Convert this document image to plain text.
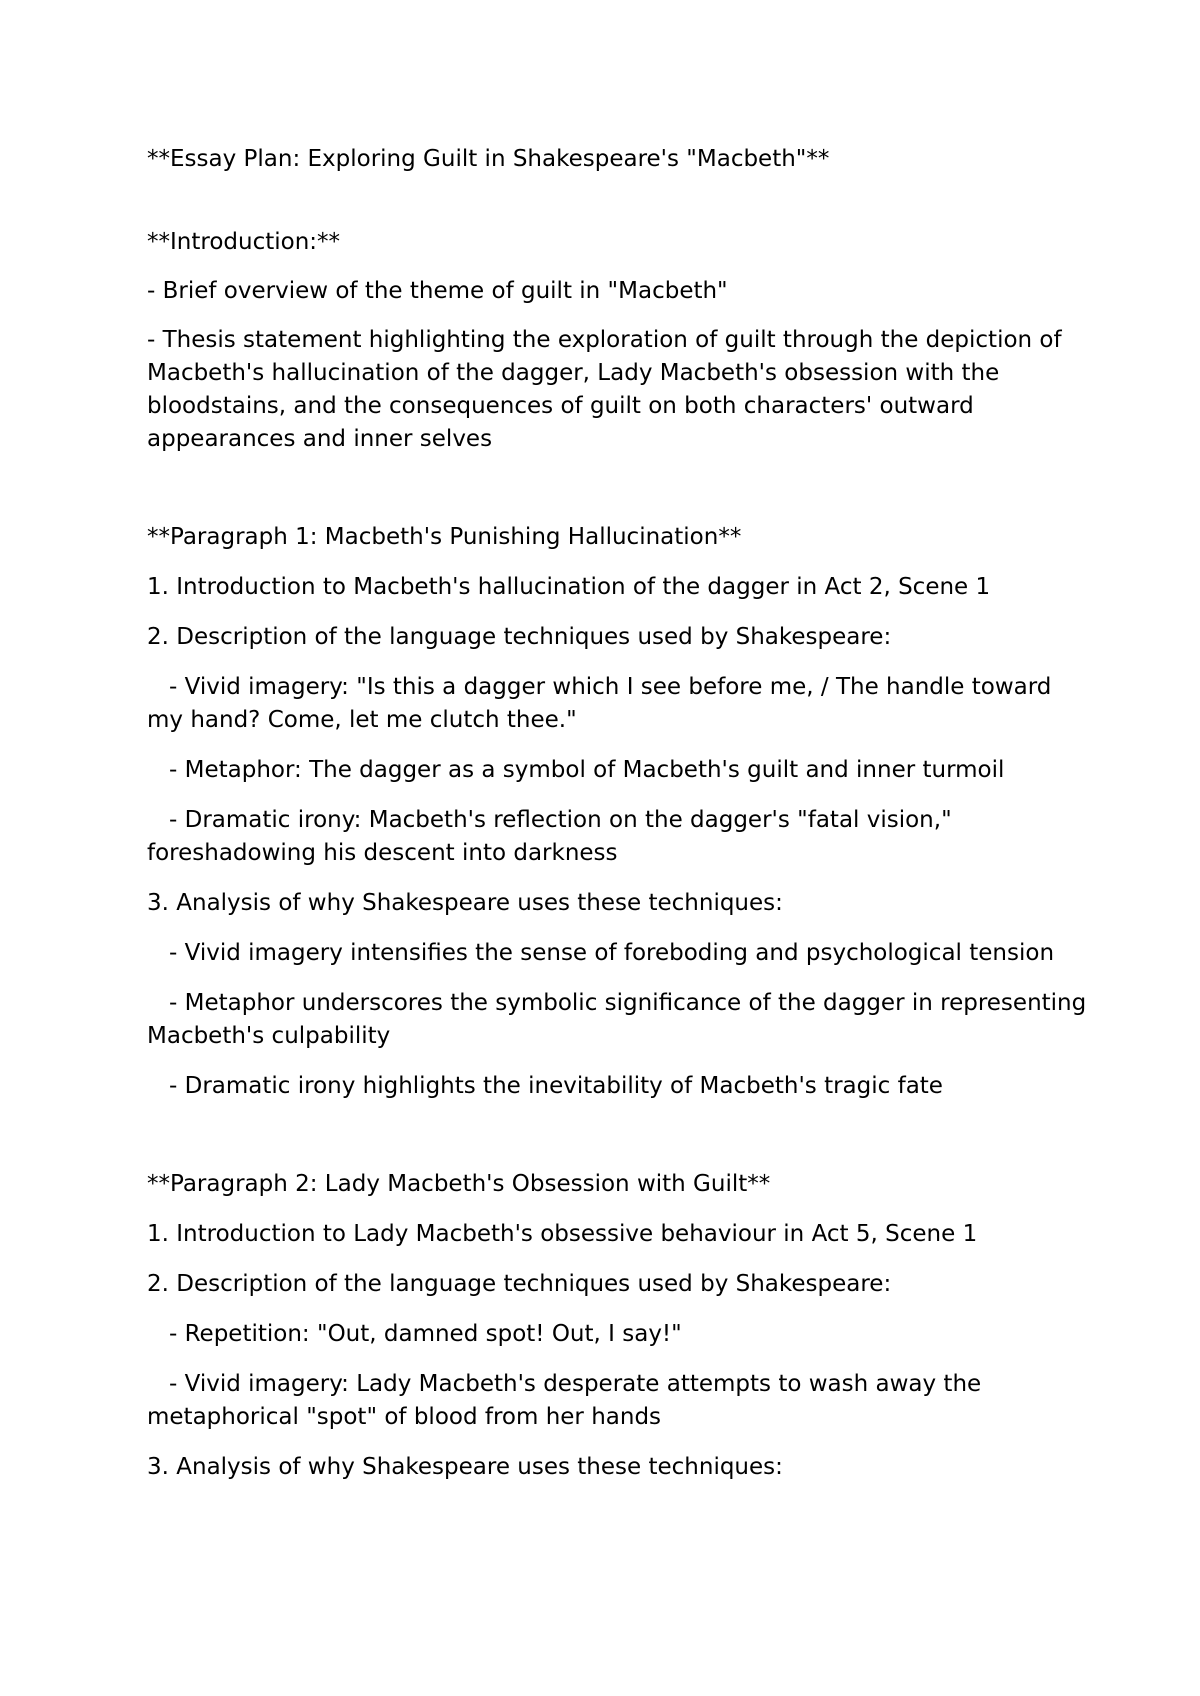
**Essay Plan: Exploring Guilt in Shakespeare's "Macbeth"**

**Introduction:**

- Brief overview of the theme of guilt in "Macbeth"

- Thesis statement highlighting the exploration of guilt through the depiction of Macbeth's hallucination of the dagger, Lady Macbeth's obsession with the bloodstains, and the consequences of guilt on both characters' outward appearances and inner selves

**Paragraph 1: Macbeth's Punishing Hallucination**

1. Introduction to Macbeth's hallucination of the dagger in Act 2, Scene 1

2. Description of the language techniques used by Shakespeare:

- Vivid imagery: "Is this a dagger which I see before me, / The handle toward my hand? Come, let me clutch thee."

- Metaphor: The dagger as a symbol of Macbeth's guilt and inner turmoil

- Dramatic irony: Macbeth's reflection on the dagger's "fatal vision," foreshadowing his descent into darkness

3. Analysis of why Shakespeare uses these techniques:

- Vivid imagery intensifies the sense of foreboding and psychological tension

- Metaphor underscores the symbolic significance of the dagger in representing Macbeth's culpability

- Dramatic irony highlights the inevitability of Macbeth's tragic fate

**Paragraph 2: Lady Macbeth's Obsession with Guilt**

1. Introduction to Lady Macbeth's obsessive behaviour in Act 5, Scene 1

2. Description of the language techniques used by Shakespeare:

- Repetition: "Out, damned spot! Out, I say!"

- Vivid imagery: Lady Macbeth's desperate attempts to wash away the metaphorical "spot" of blood from her hands

3. Analysis of why Shakespeare uses these techniques:
